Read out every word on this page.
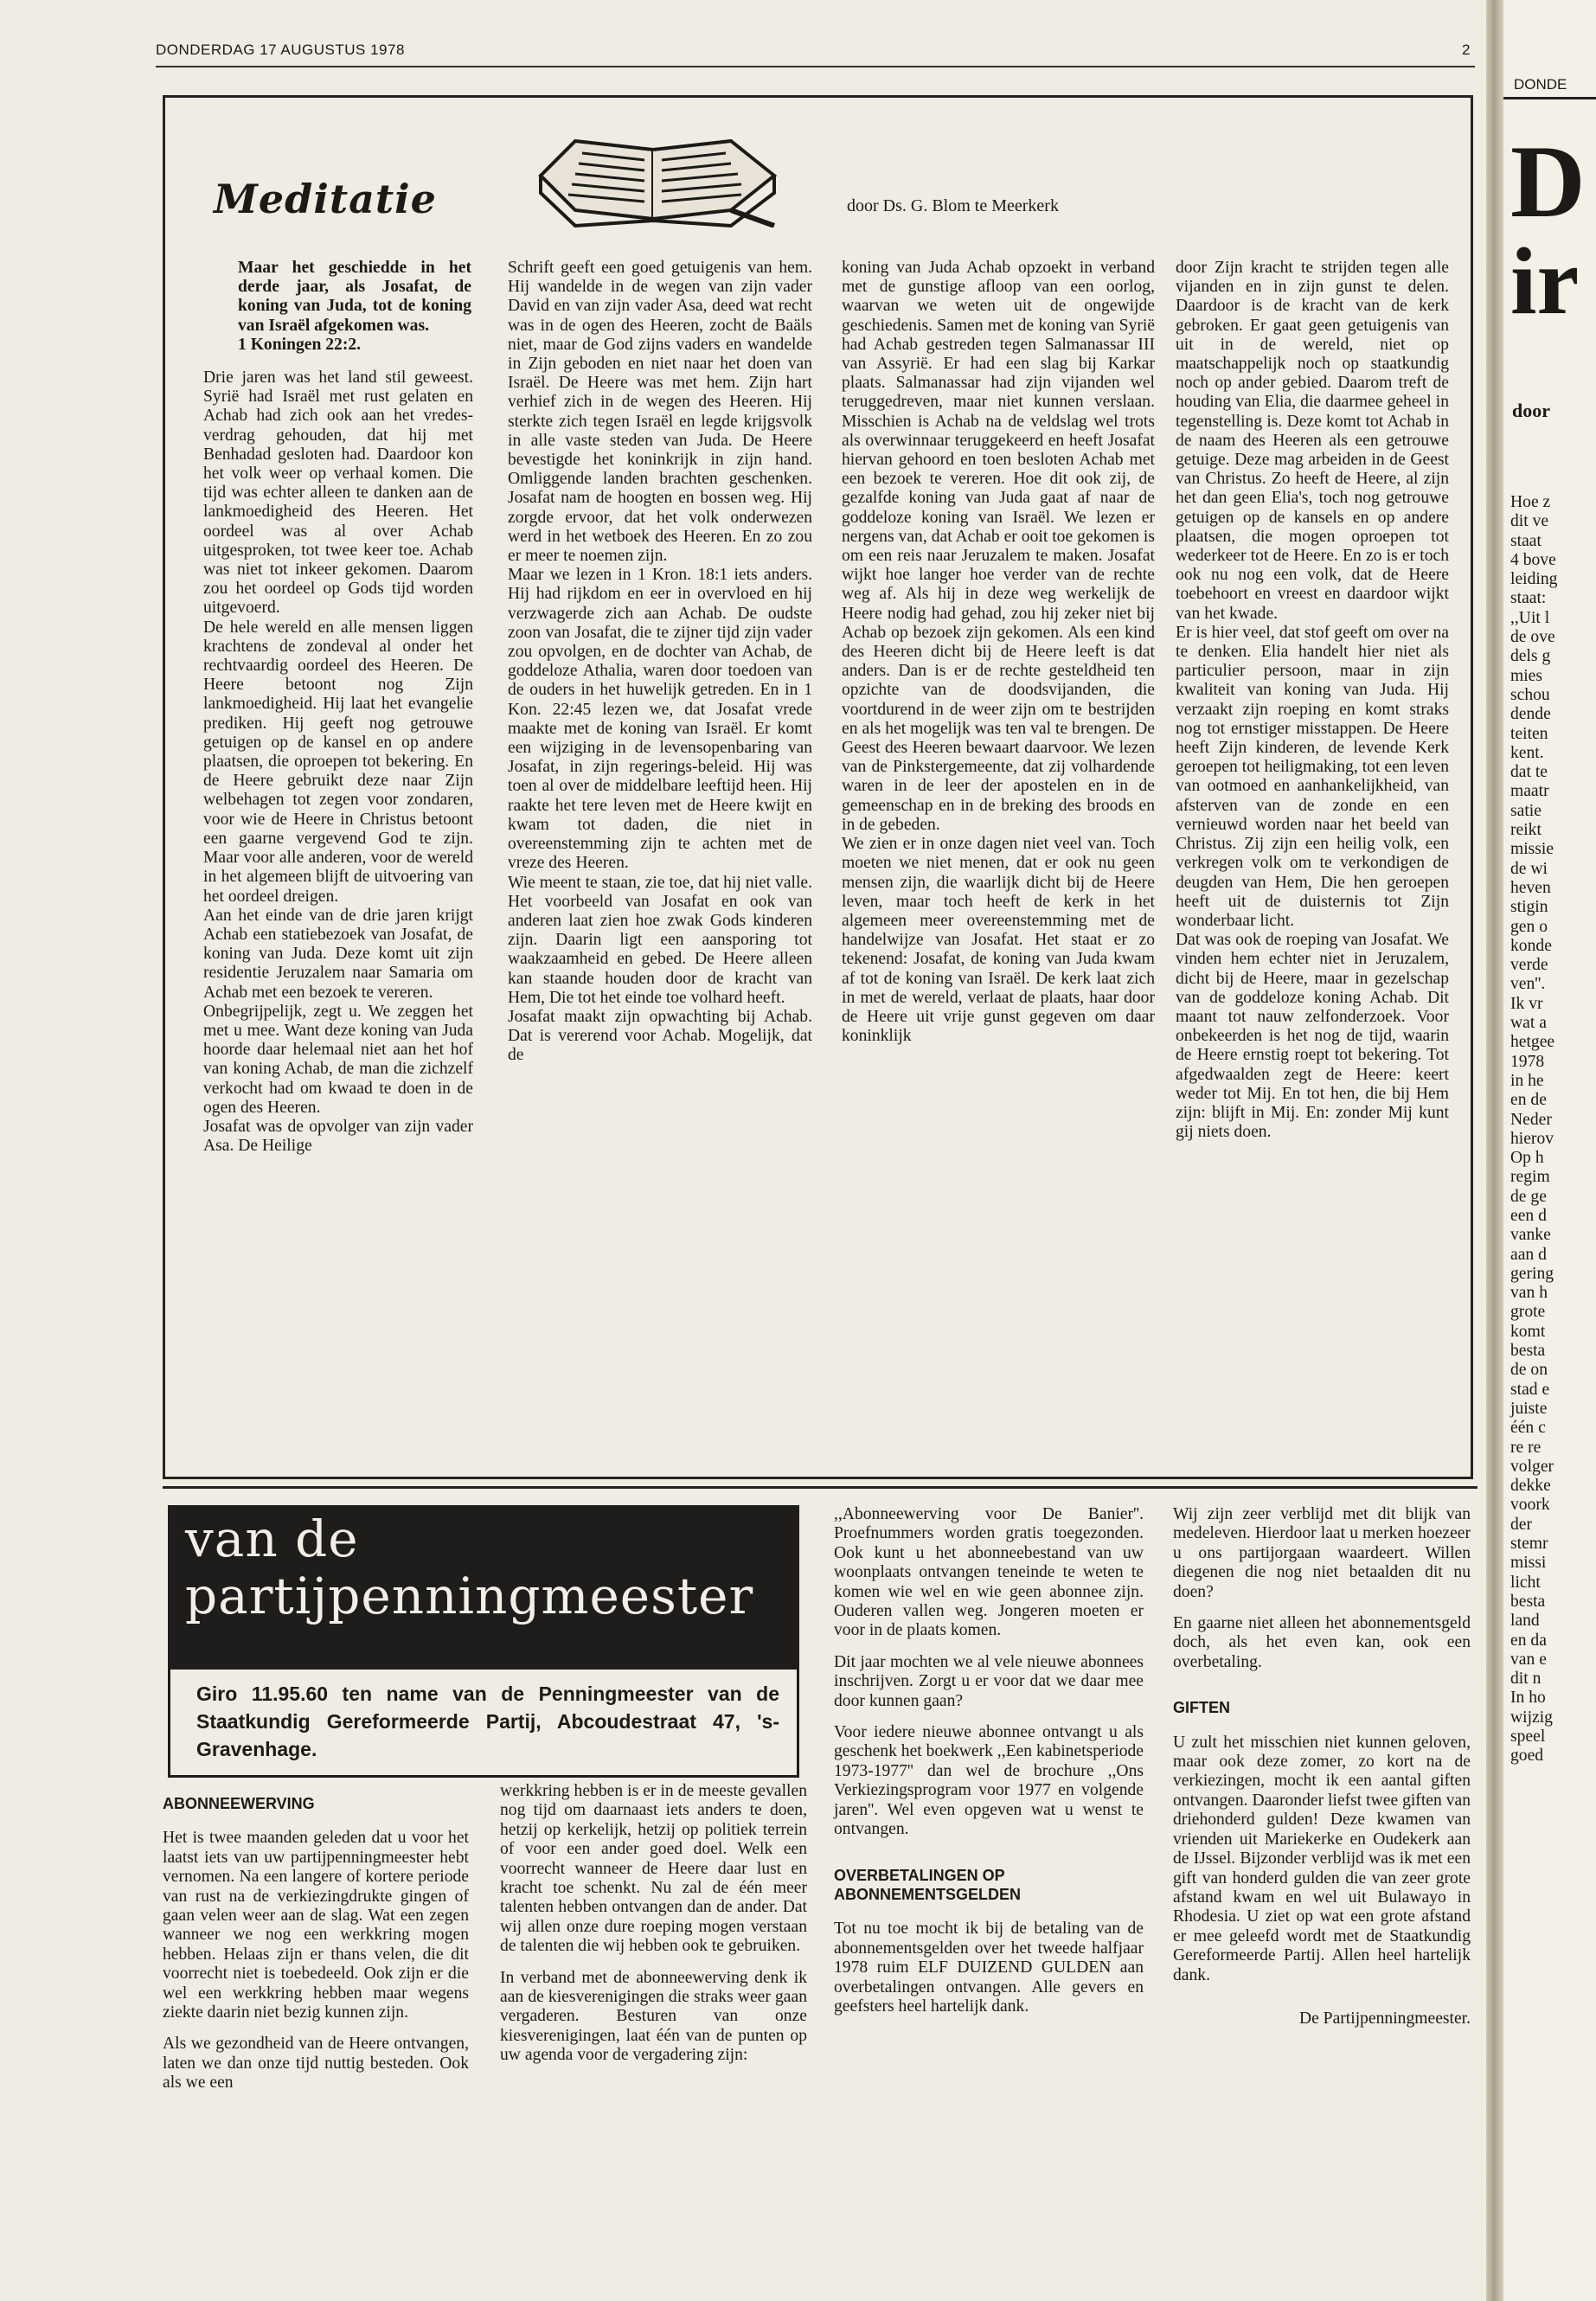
DONDERDAG 17 AUGUSTUS 1978	2
Meditatie	door Ds. G. Blom te Meerkerk

Maar het geschiedde in het derde jaar, als Josafat, de koning van Juda, tot de koning van Israël afgekomen was.
1 Koningen 22:2.

Drie jaren was het land stil geweest. Syrië had Israël met rust gelaten en Achab had zich ook aan het vredes-verdrag gehouden, dat hij met Benhadad gesloten had. Daardoor kon het volk weer op verhaal komen. Die tijd was echter alleen te danken aan de lankmoedigheid des Heeren. Het oordeel was al over Achab uitgesproken, tot twee keer toe. Achab was niet tot inkeer gekomen. Daarom zou het oordeel op Gods tijd worden uitgevoerd.

De hele wereld en alle mensen liggen krachtens de zondeval al onder het rechtvaardig oordeel des Heeren. De Heere betoont nog Zijn lankmoedigheid. Hij laat het evangelie prediken. Hij geeft nog getrouwe getuigen op de kansel en op andere plaatsen, die oproepen tot bekering. En de Heere gebruikt deze naar Zijn welbehagen tot zegen voor zondaren, voor wie de Heere in Christus betoont een gaarne vergevend God te zijn. Maar voor alle anderen, voor de wereld in het algemeen blijft de uitvoering van het oordeel dreigen.

Aan het einde van de drie jaren krijgt Achab een statiebezoek van Josafat, de koning van Juda. Deze komt uit zijn residentie Jeruzalem naar Samaria om Achab met een bezoek te vereren.

Onbegrijpelijk, zegt u. We zeggen het met u mee. Want deze koning van Juda hoorde daar helemaal niet aan het hof van koning Achab, de man die zichzelf verkocht had om kwaad te doen in de ogen des Heeren.

Josafat was de opvolger van zijn vader Asa. De Heilige

Schrift geeft een goed getuigenis van hem. Hij wandelde in de wegen van zijn vader David en van zijn vader Asa, deed wat recht was in de ogen des Heeren, zocht de Baäls niet, maar de God zijns vaders en wandelde in Zijn geboden en niet naar het doen van Israël. De Heere was met hem. Zijn hart verhief zich in de wegen des Heeren. Hij sterkte zich tegen Israël en legde krijgsvolk in alle vaste steden van Juda. De Heere bevestigde het koninkrijk in zijn hand. Omliggende landen brachten geschenken. Josafat nam de hoogten en bossen weg. Hij zorgde ervoor, dat het volk onderwezen werd in het wetboek des Heeren. En zo zou er meer te noemen zijn.

Maar we lezen in 1 Kron. 18:1 iets anders. Hij had rijkdom en eer in overvloed en hij verzwagerde zich aan Achab. De oudste zoon van Josafat, die te zijner tijd zijn vader zou opvolgen, en de dochter van Achab, de goddeloze Athalia, waren door toedoen van de ouders in het huwelijk getreden. En in 1 Kon. 22:45 lezen we, dat Josafat vrede maakte met de koning van Israël. Er komt een wijziging in de levensopenbaring van Josafat, in zijn regerings-beleid. Hij was toen al over de middelbare leeftijd heen. Hij raakte het tere leven met de Heere kwijt en kwam tot daden, die niet in overeenstemming zijn te achten met de vreze des Heeren.

Wie meent te staan, zie toe, dat hij niet valle. Het voorbeeld van Josafat en ook van anderen laat zien hoe zwak Gods kinderen zijn. Daarin ligt een aansporing tot waakzaamheid en gebed. De Heere alleen kan staande houden door de kracht van Hem, Die tot het einde toe volhard heeft.

Josafat maakt zijn opwachting bij Achab. Dat is vererend voor Achab. Mogelijk, dat de

koning van Juda Achab opzoekt in verband met de gunstige afloop van een oorlog, waarvan we weten uit de ongewijde geschiedenis. Samen met de koning van Syrië had Achab gestreden tegen Salmanassar III van Assyrië. Er had een slag bij Karkar plaats. Salmanassar had zijn vijanden wel teruggedreven, maar niet kunnen verslaan. Misschien is Achab na de veldslag wel trots als overwinnaar teruggekeerd en heeft Josafat hiervan gehoord en toen besloten Achab met een bezoek te vereren. Hoe dit ook zij, de gezalfde koning van Juda gaat af naar de goddeloze koning van Israël. We lezen er nergens van, dat Achab er ooit toe gekomen is om een reis naar Jeruzalem te maken. Josafat wijkt hoe langer hoe verder van de rechte weg af. Als hij in deze weg werkelijk de Heere nodig had gehad, zou hij zeker niet bij Achab op bezoek zijn gekomen. Als een kind des Heeren dicht bij de Heere leeft is dat anders. Dan is er de rechte gesteldheid ten opzichte van de doodsvijanden, die voortdurend in de weer zijn om te bestrijden en als het mogelijk was ten val te brengen. De Geest des Heeren bewaart daarvoor. We lezen van de Pinkstergemeente, dat zij volhardende waren in de leer der apostelen en in de gemeenschap en in de breking des broods en in de gebeden.

We zien er in onze dagen niet veel van. Toch moeten we niet menen, dat er ook nu geen mensen zijn, die waarlijk dicht bij de Heere leven, maar toch heeft de kerk in het algemeen meer overeenstemming met de handelwijze van Josafat. Het staat er zo tekenend: Josafat, de koning van Juda kwam af tot de koning van Israël. De kerk laat zich in met de wereld, verlaat de plaats, haar door de Heere uit vrije gunst gegeven om daar koninklijk

door Zijn kracht te strijden tegen alle vijanden en in zijn gunst te delen. Daardoor is de kracht van de kerk gebroken. Er gaat geen getuigenis van uit in de wereld, niet op maatschappelijk noch op staatkundig noch op ander gebied. Daarom treft de houding van Elia, die daarmee geheel in tegenstelling is. Deze komt tot Achab in de naam des Heeren als een getrouwe getuige. Deze mag arbeiden in de Geest van Christus. Zo heeft de Heere, al zijn het dan geen Elia's, toch nog getrouwe getuigen op de kansels en op andere plaatsen, die mogen oproepen tot wederkeer tot de Heere. En zo is er toch ook nu nog een volk, dat de Heere toebehoort en vreest en daardoor wijkt van het kwade.

Er is hier veel, dat stof geeft om over na te denken. Elia handelt hier niet als particulier persoon, maar in zijn kwaliteit van koning van Juda. Hij verzaakt zijn roeping en komt straks nog tot ernstiger misstappen. De Heere heeft Zijn kinderen, de levende Kerk geroepen tot heiligmaking, tot een leven van ootmoed en aanhankelijkheid, van afsterven van de zonde en een vernieuwd worden naar het beeld van Christus. Zij zijn een heilig volk, een verkregen volk om te verkondigen de deugden van Hem, Die hen geroepen heeft uit de duisternis tot Zijn wonderbaar licht.

Dat was ook de roeping van Josafat. We vinden hem echter niet in Jeruzalem, dicht bij de Heere, maar in gezelschap van de goddeloze koning Achab. Dit maant tot nauw zelfonderzoek. Voor onbekeerden is het nog de tijd, waarin de Heere ernstig roept tot bekering. Tot afgedwaalden zegt de Heere: keert weder tot Mij. En tot hen, die bij Hem zijn: blijft in Mij. En: zonder Mij kunt gij niets doen.

van de
partijpenningmeester
Giro 11.95.60 ten name van de Penningmeester van de Staatkundig Gereformeerde Partij, Abcoudestraat 47, 's-Gravenhage.

ABONNEEWERVING

Het is twee maanden geleden dat u voor het laatst iets van uw partijpenningmeester hebt vernomen. Na een langere of kortere periode van rust na de verkiezingdrukte gingen of gaan velen weer aan de slag. Wat een zegen wanneer we nog een werkkring mogen hebben. Helaas zijn er thans velen, die dit voorrecht niet is toebedeeld. Ook zijn er die wel een werkkring hebben maar wegens ziekte daarin niet bezig kunnen zijn.

Als we gezondheid van de Heere ontvangen, laten we dan onze tijd nuttig besteden. Ook als we een

werkkring hebben is er in de meeste gevallen nog tijd om daarnaast iets anders te doen, hetzij op kerkelijk, hetzij op politiek terrein of voor een ander goed doel. Welk een voorrecht wanneer de Heere daar lust en kracht toe schenkt. Nu zal de één meer talenten hebben ontvangen dan de ander. Dat wij allen onze dure roeping mogen verstaan de talenten die wij hebben ook te gebruiken.

In verband met de abonneewerving denk ik aan de kiesverenigingen die straks weer gaan vergaderen. Besturen van onze kiesverenigingen, laat één van de punten op uw agenda voor de vergadering zijn:

,,Abonneewerving voor De Banier''. Proefnummers worden gratis toegezonden. Ook kunt u het abonneebestand van uw woonplaats ontvangen teneinde te weten te komen wie wel en wie geen abonnee zijn. Ouderen vallen weg. Jongeren moeten er voor in de plaats komen.

Dit jaar mochten we al vele nieuwe abonnees inschrijven. Zorgt u er voor dat we daar mee door kunnen gaan?

Voor iedere nieuwe abonnee ontvangt u als geschenk het boekwerk ,,Een kabinetsperiode 1973-1977'' dan wel de brochure ,,Ons Verkiezingsprogram voor 1977 en volgende jaren''. Wel even opgeven wat u wenst te ontvangen.

OVERBETALINGEN OP ABONNEMENTSGELDEN

Tot nu toe mocht ik bij de betaling van de abonnementsgelden over het tweede halfjaar 1978 ruim ELF DUIZEND GULDEN aan overbetalingen ontvangen. Alle gevers en geefsters heel hartelijk dank.

Wij zijn zeer verblijd met dit blijk van medeleven. Hierdoor laat u merken hoezeer u ons partijorgaan waardeert. Willen diegenen die nog niet betaalden dit nu doen?

En gaarne niet alleen het abonnementsgeld doch, als het even kan, ook een overbetaling.

GIFTEN

U zult het misschien niet kunnen geloven, maar ook deze zomer, zo kort na de verkiezingen, mocht ik een aantal giften ontvangen. Daaronder liefst twee giften van driehonderd gulden! Deze kwamen van vrienden uit Mariekerke en Oudekerk aan de IJssel. Bijzonder verblijd was ik met een gift van honderd gulden die van zeer grote afstand kwam en wel uit Bulawayo in Rhodesia. U ziet op wat een grote afstand er mee geleefd wordt met de Staatkundig Gereformeerde Partij. Allen heel hartelijk dank.

De Partijpenningmeester.

DONDE
D
ir
door
Hoe z
dit ve
staat
4 bove
leiding
staat:
,,Uit l
de ove
dels g
mies
schou
dende
teiten
kent.
dat te
maatr
satie
reikt
missie
de wi
heven
stigin
gen o
konde
verde
ven''.
Ik vr
wat a
hetgee
1978
in he
en de
Neder
hierov
Op h
regim
de ge
een d
vanke
aan d
gering
van h
grote
komt
besta
de on
stad e
juiste
één c
re re
volger
dekke
voork
der
stemr
missi
licht
besta
land
en da
van e
dit n
In ho
wijzig
speel
goed
